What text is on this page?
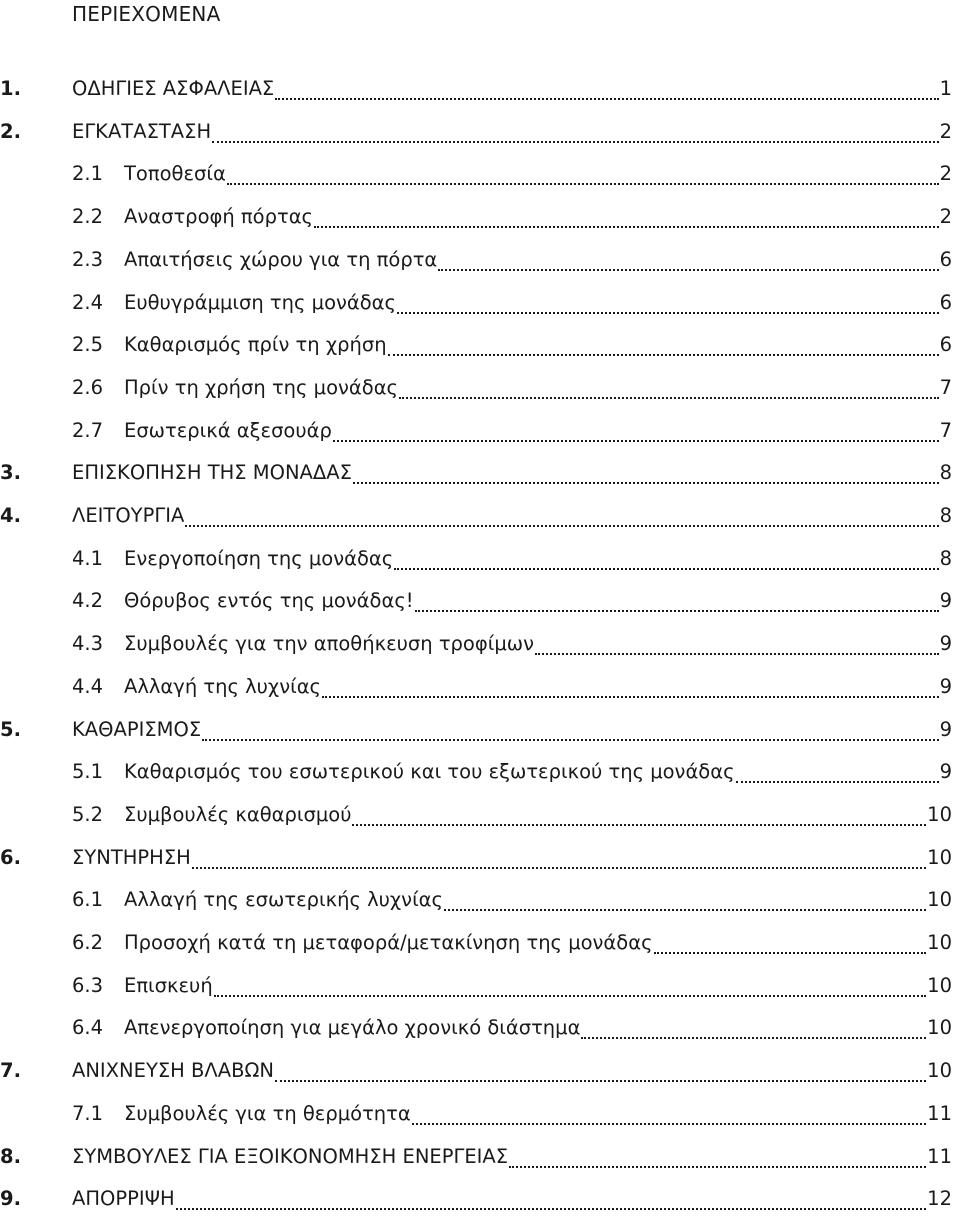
ΠΕΡΙΕΧΟΜΕΝΑ
1.	ΟΔΗΓΙΕΣ ΑΣΦΑΛΕΙΑΣ	1
2.	ΕΓΚΑΤΑΣΤΑΣΗ	2
2.1	Τοποθεσία	2
2.2	Αναστροφή πόρτας	2
2.3	Απαιτήσεις χώρου για τη πόρτα	6
2.4	Ευθυγράμμιση της μονάδας	6
2.5	Καθαρισμός πρίν τη χρήση	6
2.6	Πρίν τη χρήση της μονάδας	7
2.7	Εσωτερικά αξεσουάρ	7
3.	ΕΠΙΣΚΟΠΗΣΗ ΤΗΣ ΜΟΝΑΔΑΣ	8
4.	ΛΕΙΤΟΥΡΓΙΑ	8
4.1	Ενεργοποίηση της μονάδας	8
4.2	Θόρυβος εντός της μονάδας!	9
4.3	Συμβουλές για την αποθήκευση τροφίμων	9
4.4	Αλλαγή της λυχνίας	9
5.	ΚΑΘΑΡΙΣΜΟΣ	9
5.1	Καθαρισμός του εσωτερικού και του εξωτερικού της μονάδας	9
5.2	Συμβουλές καθαρισμού	10
6.	ΣΥΝΤΗΡΗΣΗ	10
6.1	Αλλαγή της εσωτερικής λυχνίας	10
6.2	Προσοχή κατά τη μεταφορά/μετακίνηση της μονάδας	10
6.3	Επισκευή	10
6.4	Απενεργοποίηση για μεγάλο χρονικό διάστημα	10
7.	ΑΝΙΧΝΕΥΣΗ ΒΛΑΒΩΝ	10
7.1	Συμβουλές για τη θερμότητα	11
8.	ΣΥΜΒΟΥΛΕΣ ΓΙΑ ΕΞΟΙΚΟΝΟΜΗΣΗ ΕΝΕΡΓΕΙΑΣ	11
9.	ΑΠΟΡΡΙΨΗ	12
